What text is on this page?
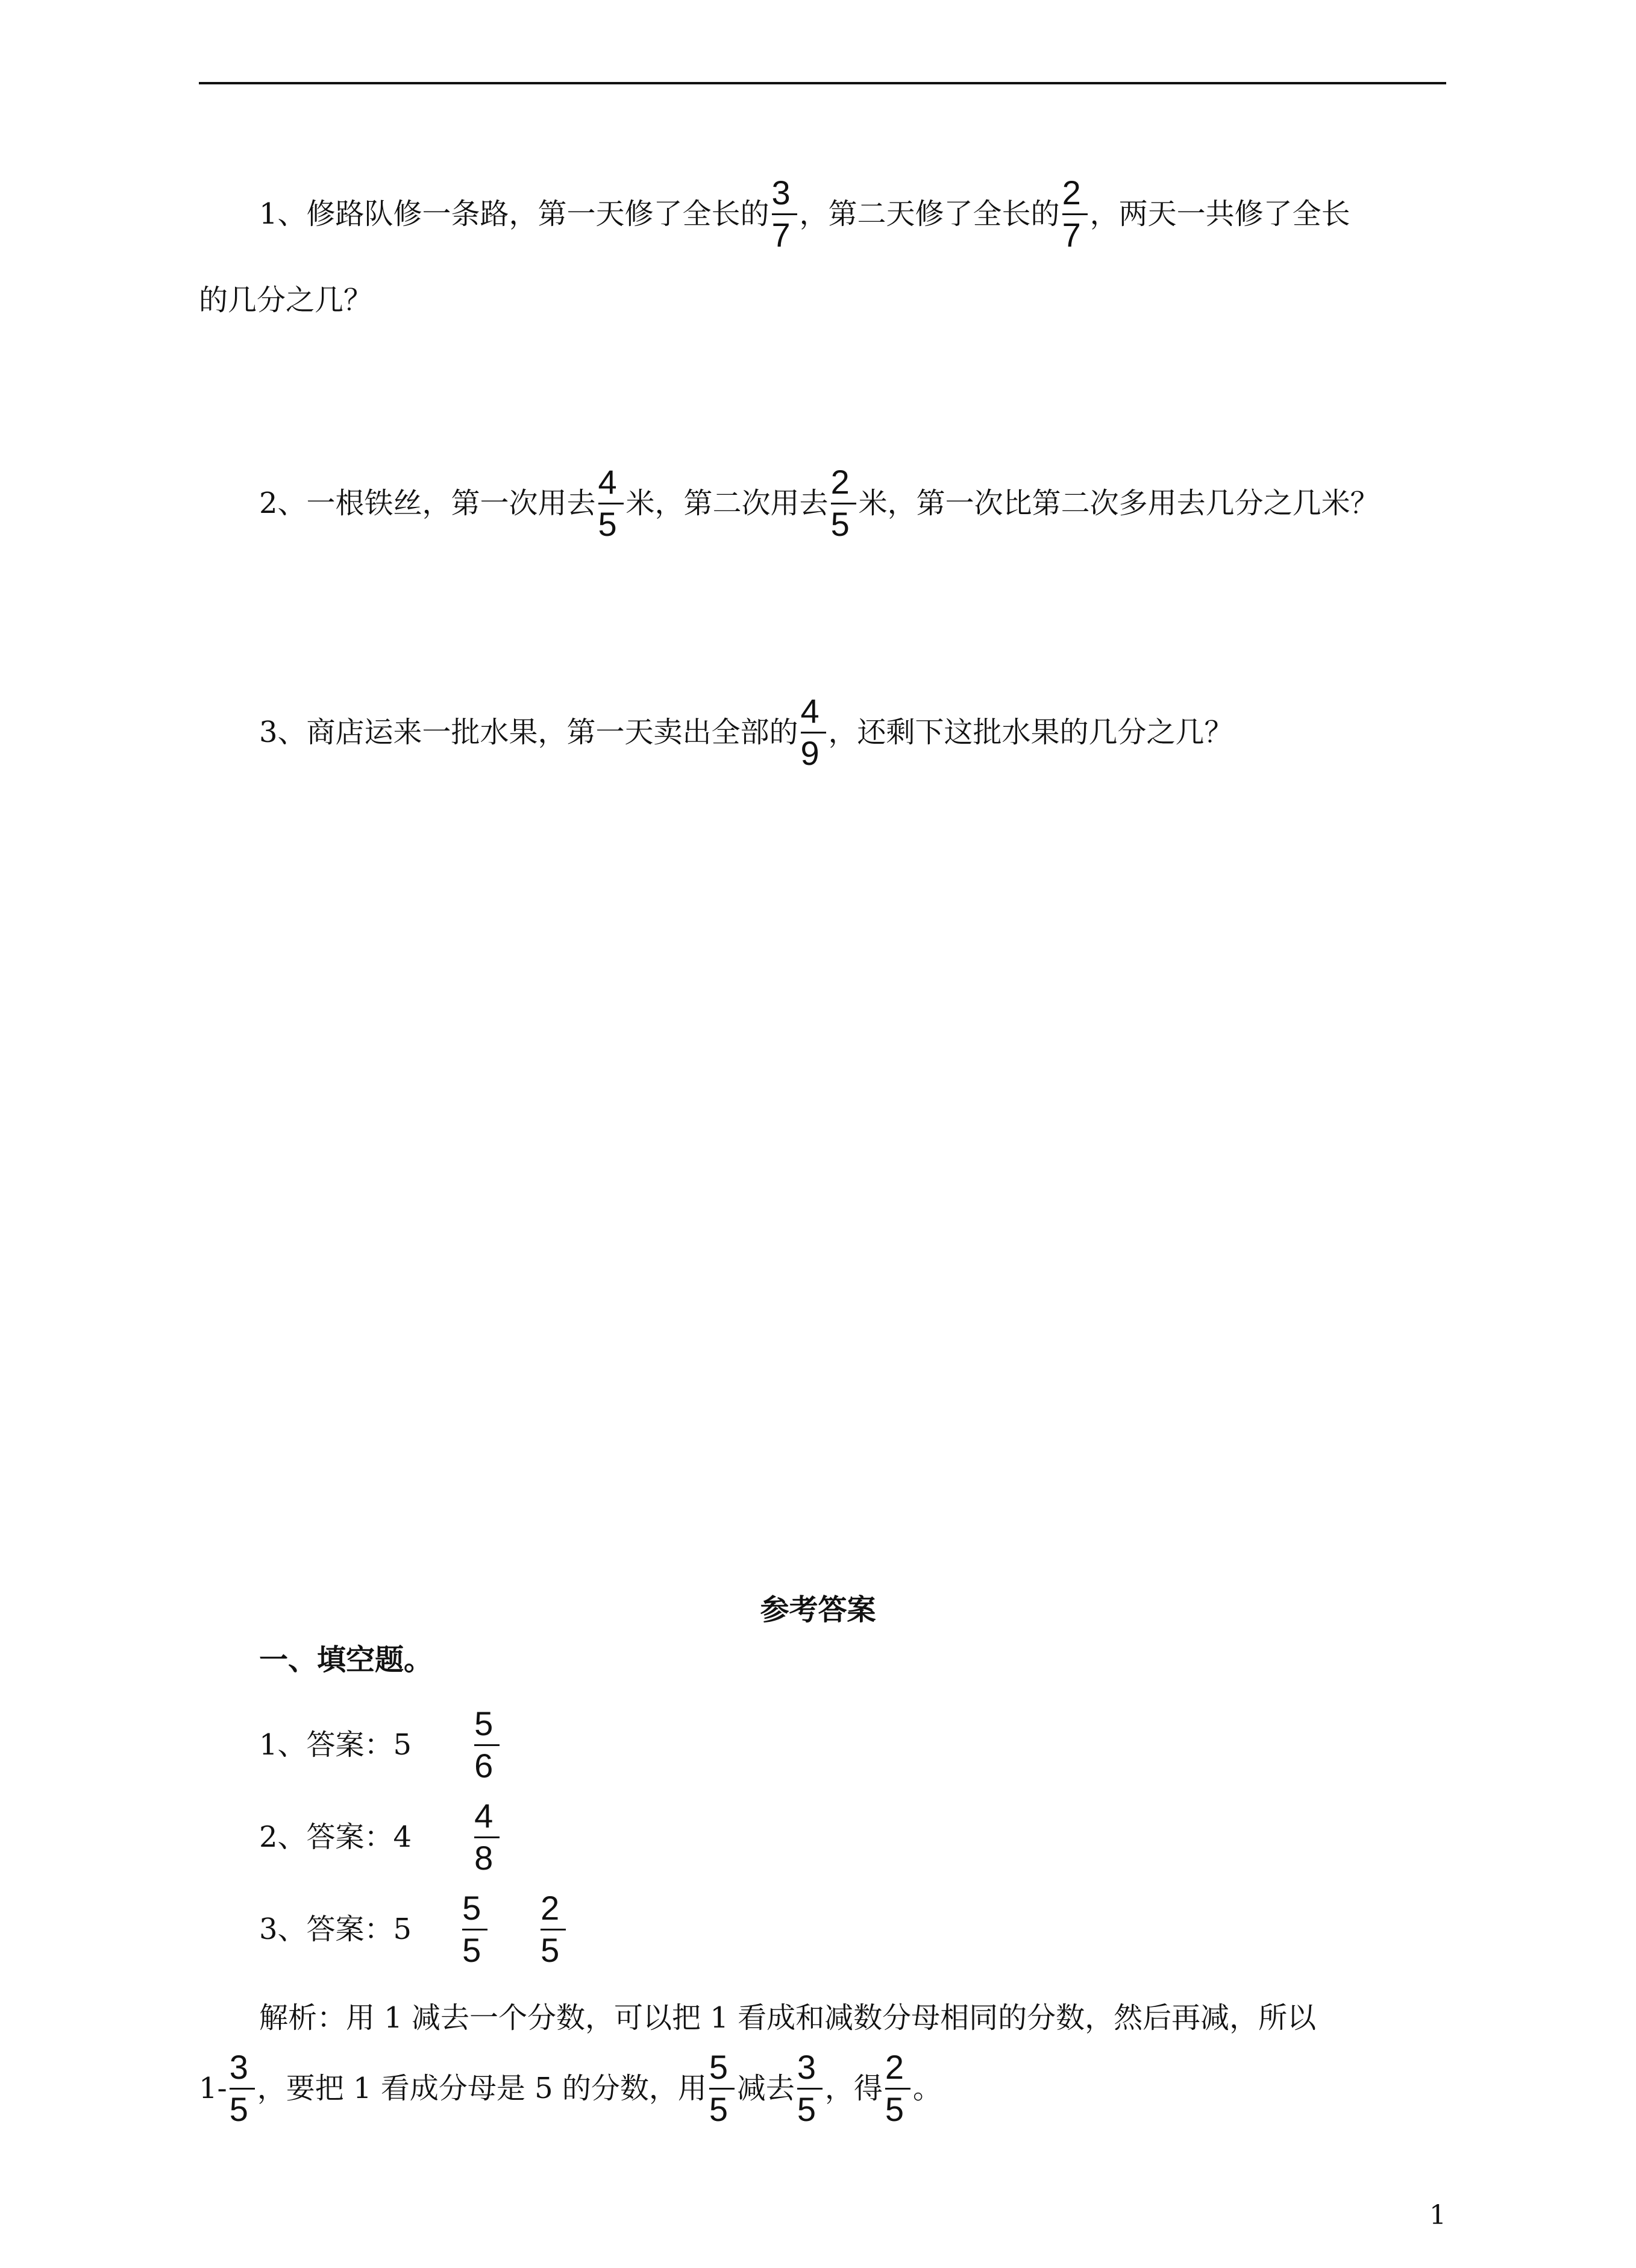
1、修路队修一条路，第一天修了全长的 $\frac{3}{7}$ ，第二天修了全长的 $\frac{2}{7}$ ，两天一共修了全长
的几分之几？
2、一根铁丝，第一次用去 $\frac{4}{5}$ 米，第二次用去 $\frac{2}{5}$ 米，第一次比第二次多用去几分之几米？
3、商店运来一批水果，第一天卖出全部的 $\frac{4}{9}$ ，还剩下这批水果的几分之几？
参考答案
一、填空题。
1、答案：$5 \frac{5}{6}$
2、答案：$4 \frac{4}{8}$
3、答案：$5 \frac{5}{5} \frac{2}{5}$
解析：用 1 减去一个分数，可以把 1 看成和减数分母相同的分数，然后再减，所以
$1- \frac{3}{5}$ ，要把 1 看成分母是 5 的分数，用 $\frac{5}{5}$ 减去 $\frac{3}{5}$ ，得 $\frac{2}{5}$ 。
1
